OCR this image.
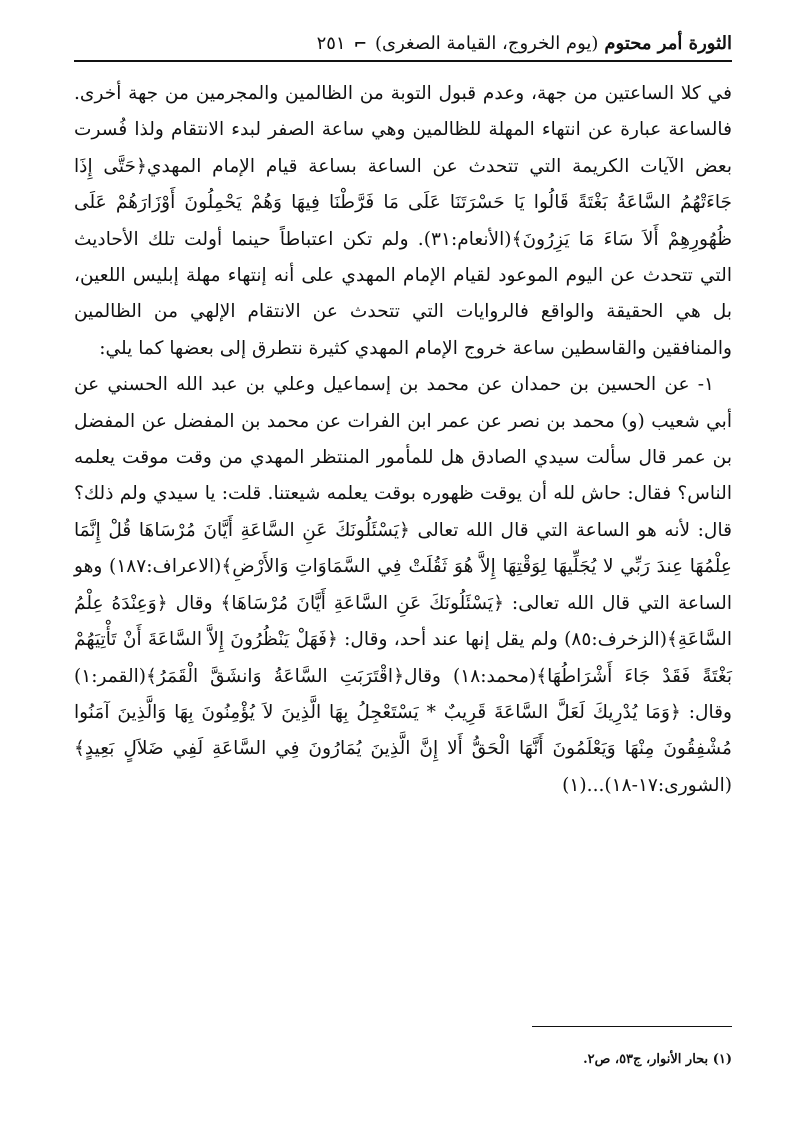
الثورة أمر محتوم
(يوم الخروج، القيامة الصغرى)
⌐
٢٥١

في كلا الساعتين من جهة، وعدم قبول التوبة من الظالمين والمجرمين من جهة أخرى. فالساعة عبارة عن انتهاء المهلة للظالمين وهي ساعة الصفر لبدء الانتقام ولذا فُسرت بعض الآيات الكريمة التي تتحدث عن الساعة بساعة قيام الإمام المهدي﴿حَتَّى إِذَا جَاءَتْهُمُ السَّاعَةُ بَغْتَةً قَالُوا يَا حَسْرَتَنَا عَلَى مَا فَرَّطْنَا فِيهَا وَهُمْ يَحْمِلُونَ أَوْزَارَهُمْ عَلَى ظُهُورِهِمْ أَلاَ سَاءَ مَا يَزِرُونَ﴾(الأنعام:٣١). ولم تكن اعتباطاً حينما أولت تلك الأحاديث التي تتحدث عن اليوم الموعود لقيام الإمام المهدي على أنه إنتهاء مهلة إبليس اللعين، بل هي الحقيقة والواقع فالروايات التي تتحدث عن الانتقام الإلهي من الظالمين والمنافقين والقاسطين ساعة خروج الإمام المهدي كثيرة نتطرق إلى بعضها كما يلي:

١- عن الحسين بن حمدان عن محمد بن إسماعيل وعلي بن عبد الله الحسني عن أبي شعيب (و) محمد بن نصر عن عمر ابن الفرات عن محمد بن المفضل عن المفضل بن عمر قال سألت سيدي الصادق هل للمأمور المنتظر المهدي من وقت موقت يعلمه الناس؟ فقال: حاش لله أن يوقت ظهوره بوقت يعلمه شيعتنا. قلت: يا سيدي ولم ذلك؟ قال: لأنه هو الساعة التي قال الله تعالى ﴿يَسْئَلُونَكَ عَنِ السَّاعَةِ أَيَّانَ مُرْسَاهَا قُلْ إِنَّمَا عِلْمُهَا عِندَ رَبِّي لا يُجَلِّيهَا لِوَقْتِهَا إِلاَّ هُوَ ثَقُلَتْ فِي السَّمَاوَاتِ وَالأَرْضِ﴾(الاعراف:١٨٧) وهو الساعة التي قال الله تعالى: ﴿يَسْئَلُونَكَ عَنِ السَّاعَةِ أَيَّانَ مُرْسَاهَا﴾ وقال ﴿وَعِنْدَهُ عِلْمُ السَّاعَةِ﴾(الزخرف:٨٥) ولم يقل إنها عند أحد، وقال: ﴿فَهَلْ يَنْظُرُونَ إِلاَّ السَّاعَةَ أَنْ تَأْتِيَهُمْ بَغْتَةً فَقَدْ جَاءَ أَشْرَاطُهَا﴾(محمد:١٨) وقال﴿اقْتَرَبَتِ السَّاعَةُ وَانشَقَّ الْقَمَرُ﴾(القمر:١) وقال: ﴿وَمَا يُدْرِيكَ لَعَلَّ السَّاعَةَ قَرِيبٌ * يَسْتَعْجِلُ بِهَا الَّذِينَ لاَ يُؤْمِنُونَ بِهَا وَالَّذِينَ آمَنُوا مُشْفِقُونَ مِنْهَا وَيَعْلَمُونَ أَنَّهَا الْحَقُّ أَلا إِنَّ الَّذِينَ يُمَارُونَ فِي السَّاعَةِ لَفِي ضَلاَلٍ بَعِيدٍ﴾(الشورى:١٧-١٨)...(١)

(١) بحار الأنوار، ج٥٣، ص٢.
